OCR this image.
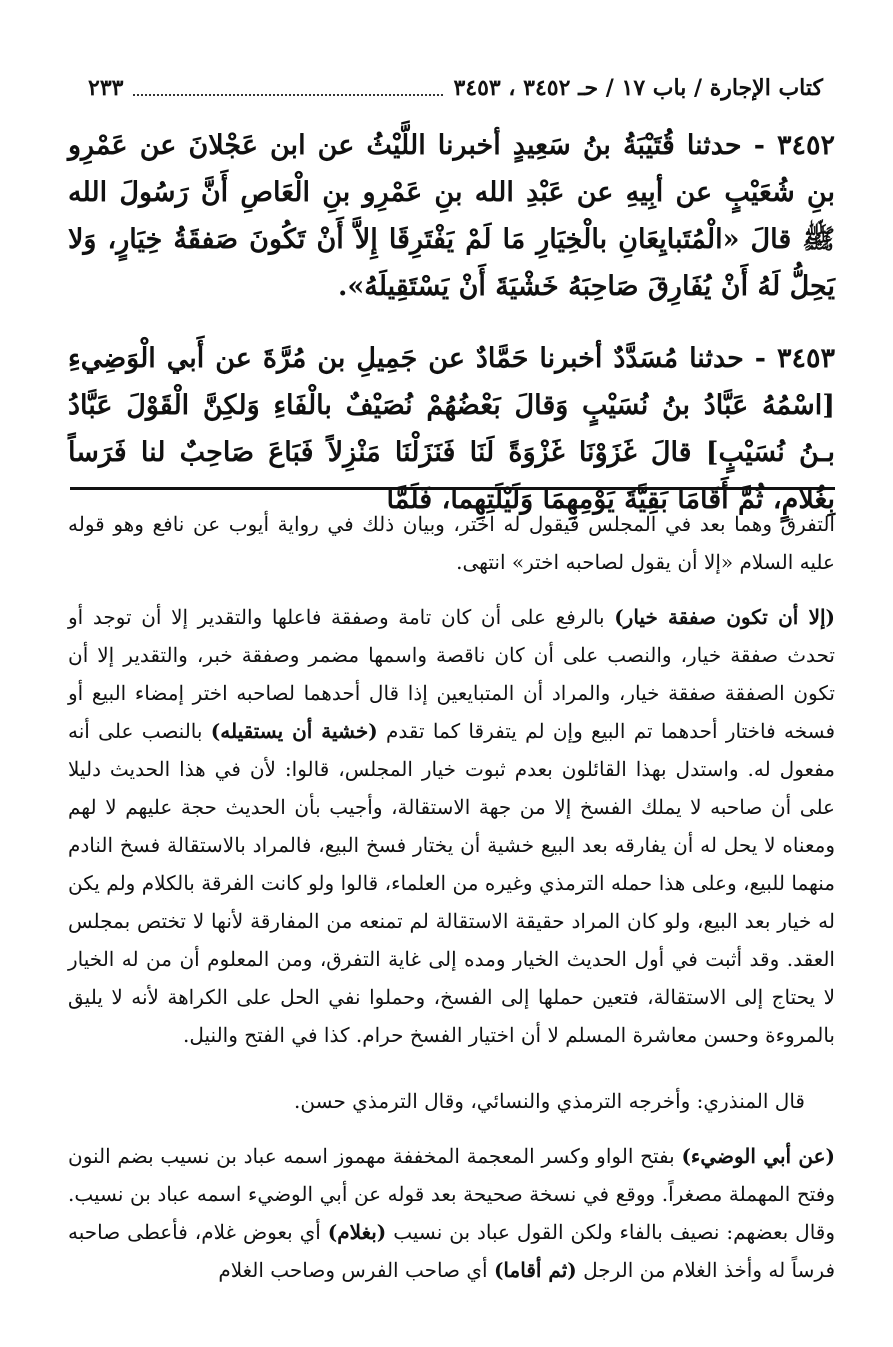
كتاب الإجارة / باب ١٧ / حـ ٣٤٥٢ ، ٣٤٥٣
٢٣٣
٣٤٥٢ - حدثنا قُتَيْبَةُ بنُ سَعِيدٍ أخبرنا اللَّيْثُ عن ابن عَجْلانَ عن عَمْرِو بنِ شُعَيْبٍ عن أبِيهِ عن عَبْدِ الله بنِ عَمْرِو بنِ الْعَاصِ أَنَّ رَسُولَ الله ﷺ قالَ «الْمُتَبايِعَانِ بالْخِيَارِ مَا لَمْ يَفْتَرِقَا إِلاَّ أَنْ تَكُونَ صَفقَةُ خِيَارٍ، وَلا يَحِلُّ لَهُ أَنْ يُفَارِقَ صَاحِبَهُ خَشْيَةَ أَنْ يَسْتَقِيلَهُ».
٣٤٥٣ - حدثنا مُسَدَّدٌ أخبرنا حَمَّادٌ عن جَمِيلِ بن مُرَّةَ عن أَبي الْوَضِيءِ [اسْمُهُ عَبَّادُ بنُ نُسَيْبٍ وَقالَ بَعْضُهُمْ نُصَيْفٌ بالْفَاءِ وَلكِنَّ الْقَوْلَ عَبَّادُ بـنُ نُسَيْبٍ] قالَ غَزَوْنَا غَزْوَةً لَنَا فَنَزَلْنَا مَنْزِلاً فَبَاعَ صَاحِبٌ لنا فَرَساً بِغُلامٍ، ثُمَّ أَقَامَا بَقِيَّةَ يَوْمِهِمَا وَلَيْلَتِهِما، فَلَمَّا
التفرق وهما بعد في المجلس فيقول له اختر، وبيان ذلك في رواية أيوب عن نافع وهو قوله عليه السلام «إلا أن يقول لصاحبه اختر» انتهى.
(إلا أن تكون صفقة خيار) بالرفع على أن كان تامة وصفقة فاعلها والتقدير إلا أن توجد أو تحدث صفقة خيار، والنصب على أن كان ناقصة واسمها مضمر وصفقة خبر، والتقدير إلا أن تكون الصفقة صفقة خيار، والمراد أن المتبايعين إذا قال أحدهما لصاحبه اختر إمضاء البيع أو فسخه فاختار أحدهما تم البيع وإن لم يتفرقا كما تقدم (خشية أن يستقيله) بالنصب على أنه مفعول له. واستدل بهذا القائلون بعدم ثبوت خيار المجلس، قالوا: لأن في هذا الحديث دليلا على أن صاحبه لا يملك الفسخ إلا من جهة الاستقالة، وأجيب بأن الحديث حجة عليهم لا لهم ومعناه لا يحل له أن يفارقه بعد البيع خشية أن يختار فسخ البيع، فالمراد بالاستقالة فسخ النادم منهما للبيع، وعلى هذا حمله الترمذي وغيره من العلماء، قالوا ولو كانت الفرقة بالكلام ولم يكن له خيار بعد البيع، ولو كان المراد حقيقة الاستقالة لم تمنعه من المفارقة لأنها لا تختص بمجلس العقد. وقد أثبت في أول الحديث الخيار ومده إلى غاية التفرق، ومن المعلوم أن من له الخيار لا يحتاج إلى الاستقالة، فتعين حملها إلى الفسخ، وحملوا نفي الحل على الكراهة لأنه لا يليق بالمروءة وحسن معاشرة المسلم لا أن اختيار الفسخ حرام. كذا في الفتح والنيل.
قال المنذري: وأخرجه الترمذي والنسائي، وقال الترمذي حسن.
(عن أبي الوضيء) بفتح الواو وكسر المعجمة المخففة مهموز اسمه عباد بن نسيب بضم النون وفتح المهملة مصغراً. ووقع في نسخة صحيحة بعد قوله عن أبي الوضيء اسمه عباد بن نسيب. وقال بعضهم: نصيف بالفاء ولكن القول عباد بن نسيب (بغلام) أي بعوض غلام، فأعطى صاحبه فرساً له وأخذ الغلام من الرجل (ثم أقاما) أي صاحب الفرس وصاحب الغلام
